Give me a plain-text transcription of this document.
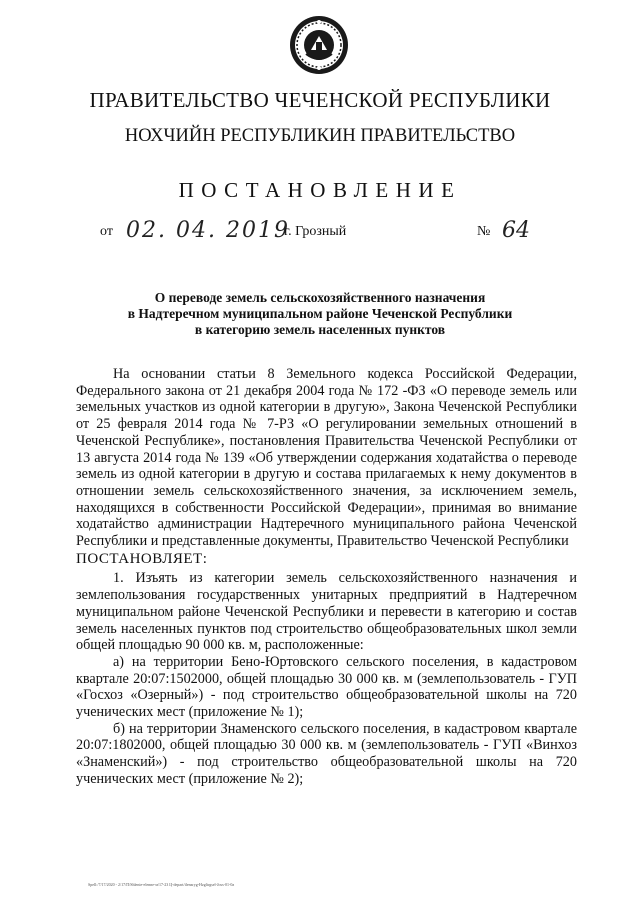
ПРАВИТЕЛЬСТВО ЧЕЧЕНСКОЙ РЕСПУБЛИКИ
НОХЧИЙН РЕСПУБЛИКИН ПРАВИТЕЛЬСТВО
ПОСТАНОВЛЕНИЕ
от 02. 04. 2019
г. Грозный	№ 64
О переводе земель сельскохозяйственного назначения
в Надтеречном муниципальном районе Чеченской Республики
в категорию земель населенных пунктов

На основании статьи 8 Земельного кодекса Российской Федерации, Федерального закона от 21 декабря 2004 года № 172 -ФЗ «О переводе земель или земельных участков из одной категории в другую», Закона Чеченской Республики от 25 февраля 2014 года № 7-РЗ «О регулировании земельных отношений в Чеченской Республике», постановления Правительства Чеченской Республики от 13 августа 2014 года № 139 «Об утверждении содержания ходатайства о переводе земель из одной категории в другую и состава прилагаемых к нему документов в отношении земель сельскохозяйственного значения, за исключением земель, находящихся в собственности Российской Федерации», принимая во внимание ходатайство администрации Надтеречного муниципального района Чеченской Республики и представленные документы, Правительство Чеченской Республики

ПОСТАНОВЛЯЕТ:

1. Изъять из категории земель сельскохозяйственного назначения и землепользования государственных унитарных предприятий в Надтеречном муниципальном районе Чеченской Республики и перевести в категорию и состав земель населенных пунктов под строительство общеобразовательных школ земли общей площадью 90 000 кв. м, расположенные:

а) на территории Бено-Юртовского сельского поселения, в кадастровом квартале 20:07:1502000, общей площадью 30 000 кв. м (землепользователь - ГУП «Госхоз «Озерный») - под строительство общеобразовательной школы на 720 ученических мест (приложение № 1);

б) на территории Знаменского сельского поселения, в кадастровом квартале 20:07:1802000, общей площадью 30 000 кв. м (землепользователь - ГУП «Винхоз «Знаменский») - под строительство общеобразовательной школы на 720 ученических мест (приложение № 2);

Spell:/7/17/2020 - 2/17/П/Shlenie-elenne-м/17-23 Ц-depart/ilenzryg-Hzgltrgsel-Joss-01-0а
